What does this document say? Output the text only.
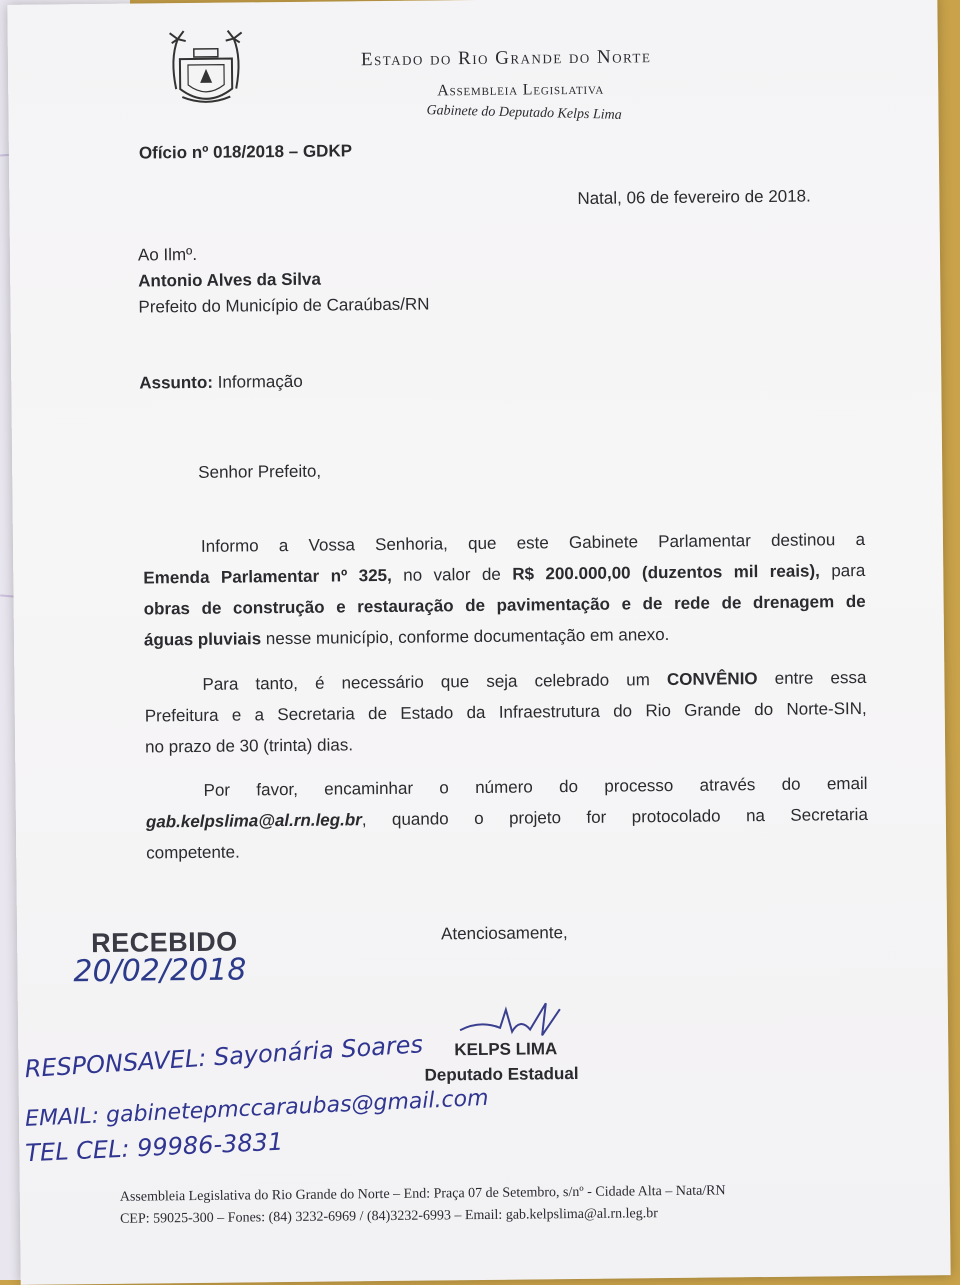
Estado do Rio Grande do Norte
Assembleia Legislativa
Gabinete do Deputado Kelps Lima
Ofício nº 018/2018 – GDKP
Natal, 06 de fevereiro de 2018.
Ao Ilmº.
Antonio Alves da Silva
Prefeito do Município de Caraúbas/RN
Assunto: Informação
Senhor Prefeito,

Informo a Vossa Senhoria, que este Gabinete Parlamentar destinou a

Emenda Parlamentar nº 325, no valor de R$ 200.000,00 (duzentos mil reais), para

obras de construção e restauração de pavimentação e de rede de drenagem de

águas pluviais nesse município, conforme documentação em anexo.

Para tanto, é necessário que seja celebrado um CONVÊNIO entre essa

Prefeitura e a Secretaria de Estado da Infraestrutura do Rio Grande do Norte-SIN,

no prazo de 30 (trinta) dias.

Por favor, encaminhar o número do processo através do email

gab.kelpslima@al.rn.leg.br, quando o projeto for protocolado na Secretaria

competente.

Atenciosamente,
RECEBIDO
20/02/2018
KELPS LIMA
Deputado Estadual
RESPONSAVEL: Sayonária Soares
EMAIL: gabinetepmccaraubas@gmail.com
TEL CEL: 99986-3831
Assembleia Legislativa do Rio Grande do Norte – End: Praça 07 de Setembro, s/nº - Cidade Alta – Nata/RN
CEP: 59025-300 – Fones: (84) 3232-6969 / (84)3232-6993 – Email: gab.kelpslima@al.rn.leg.br
